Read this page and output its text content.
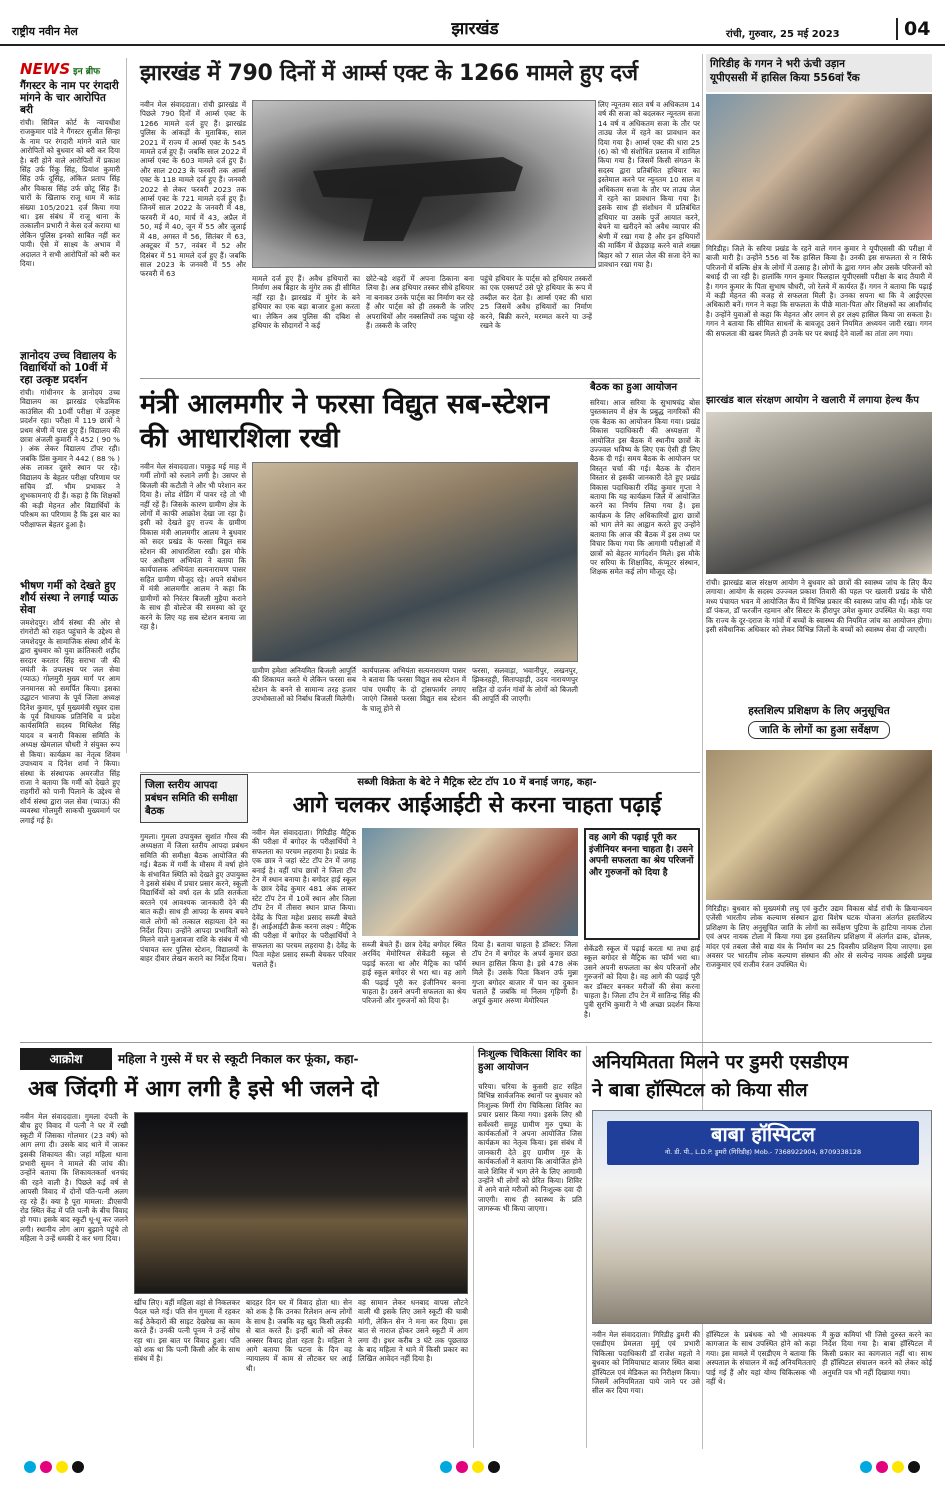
राष्ट्रीय नवीन मेल	झारखंड	रांची, गुरुवार, 25 मई 2023	04
NEWS इन ब्रीफ
गैंगस्टर के नाम पर रंगदारी मांगने के चार आरोपित बरी
रांची। सिविल कोर्ट के न्यायधीश राजकुमार पांडे ने गैंगस्टर सुजीत सिन्हा के नाम पर रंगदारी मांगने वाले चार आरोपितों को बुधवार को बरी कर दिया है। बरी होने वाले आरोपितों में प्रकाश सिंह उर्फ रिंकू सिंह, प्रियांश कुमारी सिंह उर्फ दूसिंह, अंकित प्रताप सिंह और विकास सिंह उर्फ छोटू सिंह हैं। चारों के खिलाफ राजू धाम में कांड संख्या 105/2021 दर्ज किया गया था। इस संबंध में राजू थाना के तत्कालीन प्रभारी ने केस दर्ज कराया था लेकिन पुलिस इनको साबित नहीं कर पायी। ऐसे में साक्ष्य के अभाव में अदालत ने सभी आरोपितों को बरी कर दिया।
ज्ञानोदय उच्च विद्यालय के विद्यार्थियों को 10वीं में रहा उत्कृष्ट प्रदर्शन
रांची। गांधीनगर के ज्ञानोदय उच्च विद्यालय का झारखंड एकेडमिक काउंसिल की 10वीं परीक्षा में उत्कृष्ट प्रदर्शन रहा। परीक्षा में 119 छात्रों ने प्रथम श्रेणी में पास हुए हैं। विद्यालय की छात्रा अंजली कुमारी ने 452 ( 90 % ) अंक लेकर विद्यालय टॉपर रही। जबकि प्रिंस कुमार ने 442 ( 88 % ) अंक लाकर दूसरे स्थान पर रहे। विद्यालय के बेहतर परीक्षा परिणाम पर सचिव डॉ. भीम प्रभाकर ने शुभकामनाएं दी हैं। कहा है कि शिक्षकों की कड़ी मेहनत और विद्यार्थियों के परिश्रम का परिणाम है कि इस बार का परीक्षाफल बेहतर हुआ है।
भीषण गर्मी को देखते हुए शौर्य संस्था ने लगाई प्याऊ सेवा
जमशेदपुर। शौर्य संस्था की ओर से रांगरोटी को राहत पहुंचाने के उद्देश्य से जमशेदपुर के सामाजिक संस्था शौर्य के द्वारा बुधवार को युवा क्रांतिकारी शहीद सरदार करतार सिंह सराभा जी की जयंती के उपलक्ष्य पर जल सेवा (प्याऊ) गोलमुरी मुख्य मार्ग पर आम जनमानस को समर्पित किया। इसका उद्घाटन भाजपा के पूर्व जिला अध्यक्ष दिनेश कुमार, पूर्व मुख्यमंत्री रघुवर दास के पूर्व विधायक प्रतिनिधि व प्रदेश कार्यसमिति सदस्य मिथिलेश सिंह यादव व बनारी विकास समिति के अध्यक्ष खेमलाल चौधरी ने संयुक्त रूप से किया। कार्यक्रम का नेतृत्व शिवम उपाध्याय व दिनेश शर्मा ने किया। संस्था के संस्थापक अमरजीत सिंह राजा ने बताया कि गर्मी को देखते हुए राहगीरों को पानी पिलाने के उद्देश्य से शौर्य संस्था द्वारा जल सेवा (प्याऊ) की व्यवस्था गोलमुरी साकची मुख्यमार्ग पर लगाई गई है।
झारखंड में 790 दिनों में आर्म्स एक्ट के 1266 मामले हुए दर्ज
नवीन मेल संवाददाता। रांची झारखंड में पिछले 790 दिनों में आर्म्स एक्ट के 1266 मामले दर्ज हुए हैं। झारखंड पुलिस के आंकड़ों के मुताबिक, साल 2021 में राज्य में आर्म्स एक्ट के 545 मामले दर्ज हुए हैं। जबकि साल 2022 में आर्म्स एक्ट के 603 मामले दर्ज हुए हैं। और साल 2023 के फरवरी तक आर्म्स एक्ट के 118 मामले दर्ज हुए हैं। जनवरी 2022 से लेकर फरवरी 2023 तक आर्म्स एक्ट के 721 मामले दर्ज हुए हैं। जिनमें साल 2022 के जनवरी में 48, फरवरी में 40, मार्च में 43, अप्रैल में 50, मई में 40, जून में 55 और जुलाई में 48, अगस्त में 56, सितंबर में 63, अक्टूबर में 57, नवंबर में 52 और दिसंबर में 51 मामले दर्ज हुए हैं। जबकि साल 2023 के जनवरी में 55 और फरवरी में 63
मामले दर्ज हुए हैं। अवैध हथियारों का निर्माण अब बिहार के मुंगेर तक ही सीमित नहीं रहा है। झारखंड में मुंगेर के बने हथियार का एक बड़ा बाजार हुआ करता था। लेकिन अब पुलिस की दबिश से हथियार के सौदागरों ने कई
छोटे-बड़े शहरों में अपना ठिकाना बना लिया है। अब हथियार तस्कर सीधे हथियार ना बनाकर उनके पार्ट्स का निर्माण कर रहे हैं और पार्ट्स को ही तस्करी के जरिए अपराधियों और नक्सलियों तक पहुंचा रहे हैं। तस्करी के जरिए
पहुंचे हथियार के पार्ट्स को हथियार तस्करों का एक एक्सपर्ट उसे पूरे हथियार के रूप में तब्दील कर देता है। आर्म्स एक्ट की धारा 25 जिसमें अवैध हथियारों का निर्माण करने, बिक्री करने, मरम्मत करने या उन्हें रखने के
लिए न्यूनतम सात वर्ष व अधिकतम 14 वर्ष की सजा को बदलकर न्यूनतम सजा 14 वर्ष व अधिकतम सजा के तौर पर ताउम्र जेल में रहने का प्रावधान कर दिया गया है। आर्म्स एक्ट की धारा 25 (6) को भी संशोधित प्रस्ताव में शामिल किया गया है। जिसमें किसी संगठन के सदस्य द्वारा प्रतिबंधित हथियार का इस्तेमाल करने पर न्यूनतम 10 साल व अधिकतम सजा के तौर पर ताउम्र जेल में रहने का प्रावधान किया गया है। इसके साथ ही संशोधन में प्रतिबंधित हथियार या उसके पुर्जे आयात करने, बेचने या खरीदने को अवैध व्यापार की श्रेणी में रखा गया है और इन हथियारों की मार्किंग में छेड़छाड़ करने वाले शख्स बिहार को 7 साल जेल की सजा देने का प्रावधान रखा गया है।
गिरिडीह के गगन ने भरी ऊंची उड़ान
यूपीएससी में हासिल किया 556वां रैंक
गिरिडीह। जिले के सरिया प्रखंड के रहने वाले गगन कुमार ने यूपीएससी की परीक्षा में बाजी मारी है। उन्होंने 556 वां रैंक हासिल किया है। उनकी इस सफलता से न सिर्फ परिजनों में बल्कि क्षेत्र के लोगों में उत्साह है। लोगों के द्वारा गगन और उसके परिजनों को बधाई दी जा रही है। हालांकि गगन कुमार फिलहाल यूपीएससी परीक्षा के बाद तैयारी में है। गगन कुमार के पिता सुभाष चौधरी, जो रेलवे में कार्यरत हैं। गगन ने बताया कि पढ़ाई में कड़ी मेहनत की वजह से सफलता मिली है। उनका सपना था कि वे आईएएस अधिकारी बनें। गगन ने कहा कि सफलता के पीछे माता-पिता और शिक्षकों का आशीर्वाद है। उन्होंने युवाओं से कहा कि मेहनत और लगन से हर लक्ष्य हासिल किया जा सकता है। गगन ने बताया कि सीमित साधनों के बावजूद उसने नियमित अध्ययन जारी रखा। गगन की सफलता की खबर मिलते ही उनके घर पर बधाई देने वालों का तांता लग गया।
मंत्री आलमगीर ने फरसा विद्युत सब-स्टेशन की आधारशिला रखी
नवीन मेल संवाददाता। पाकुड़ मई माह में गर्मी लोगों को रुलाने लगी है। उसपर से बिजली की कटौती ने और भी परेशान कर दिया है। लोड शेडिंग में पावर रहे तो भी नहीं रहें हैं। जिसके कारण ग्रामीण क्षेत्र के लोगों में काफी आक्रोश देखा जा रहा है। इसी को देखते हुए राज्य के ग्रामीण विकास मंत्री आलमगीर आलम ने बुधवार को सदर प्रखंड के फरसा विद्युत सब स्टेशन की आधारशिला रखी। इस मौके पर अधीक्षण अभियंता ने बताया कि कार्यपालक अभियंता सत्यनारायण पासर सहित ग्रामीण मौजूद रहे। अपने संबोधन में मंत्री आलमगीर आलम ने कहा कि ग्रामीणों को निरंतर बिजली मुहैया कराने के साथ ही वोल्टेज की समस्या को दूर करने के लिए यह सब स्टेशन बनाया जा रहा है।
ग्रामीण हमेशा अनियमित बिजली आपूर्ति की शिकायत करते थे लेकिन फरसा सब स्टेशन के बनने से सामान्य तरह हजार उपभोक्ताओं को निर्बाध बिजली मिलेगी।
कार्यपालक अभियंता सत्यनारायण पासर ने बताया कि फरसा विद्युत सब स्टेशन में पांच एमवीए के दो ट्रांसफार्मर लगाए जाएंगे जिससे फरसा विद्युत सब स्टेशन के चालू होने से
फरसा, सलवाड़ा, भवानीपुर, लखनपुर, झिकरहट्टी, सितापहाड़ी, उदय नारायणपुर सहित दो दर्जन गांवों के लोगों को बिजली की आपूर्ति की जाएगी।
बैठक का हुआ आयोजन
सरिया। आज सरिया के सुभाषचंद्र बोस पुस्तकालय में क्षेत्र के प्रबुद्ध नागरिकों की एक बैठक का आयोजन किया गया। प्रखंड विकास पदाधिकारी की अध्यक्षता में आयोजित इस बैठक में स्थानीय छात्रों के उज्ज्वल भविष्य के लिए एक ऐसी ही लिए बैठक दी गई। समय बैठक के आयोजन पर विस्तृत चर्चा की गई। बैठक के दौरान विस्तार से इसकी जानकारी देते हुए प्रखंड विकास पदाधिकारी रविंद्र कुमार गुप्ता ने बताया कि यह कार्यक्रम जिले में आयोजित करने का निर्णय लिया गया है। इस कार्यक्रम के लिए अधिकारियों द्वारा छात्रों को भाग लेने का आह्वान करते हुए उन्होंने बताया कि आज की बैठक में इस तथ्य पर विचार किया गया कि आगामी परीक्षाओं में छात्रों को बेहतर मार्गदर्शन मिले। इस मौके पर सरिया के शिक्षाविद, कंप्यूटर संस्थान, शिक्षक समेत कई लोग मौजूद रहे।
झारखंड बाल संरक्षण आयोग ने खलारी में लगाया हेल्थ कैंप
रांची। झारखंड बाल संरक्षण आयोग ने बुधवार को छात्रों की स्वास्थ्य जांच के लिए कैंप लगाया। आयोग के सदस्य उज्ज्वल प्रकाश तिवारी की पहल पर खलारी प्रखंड के चौरी मध्य पंचायत भवन में आयोजित कैंप में विभिन्न प्रकार की स्वास्थ्य जांच की गई। मौके पर डॉ पंकज, डॉ फरजीन रहमान और सिस्टर के हीरापुर उमेश कुमार उपस्थित थे। कहा गया कि राज्य के दूर-दराज के गांवों में बच्चों के स्वास्थ्य की नियमित जांच का आयोजन होगा। इसी संवैधानिक अधिकार को लेकर विभिन्न जिलों के बच्चों को स्वास्थ्य सेवा दी जाएगी।
हस्तशिल्प प्रशिक्षण के लिए अनुसूचित
जाति के लोगों का हुआ सर्वेक्षण
गिरिडीह। बुधवार को मुख्यमंत्री लघु एवं कुटीर उद्यम विकास बोर्ड रांची के क्रियान्वयन एजेंसी भारतीय लोक कल्याण संस्थान द्वारा विशेष घटक योजना अंतर्गत हस्तशिल्प प्रशिक्षण के लिए अनुसूचित जाति के लोगों का सर्वेक्षण पुटिया के हाटिया नायक टोला एवं अपर नायक टोला में किया गया इस हस्तशिल्प प्रशिक्षण में अंतर्गत ढाक, ढोलक, मांदर एवं तबला जैसे वाद्य यंत्र के निर्माण का 25 दिवसीय प्रशिक्षण दिया जाएगा। इस अवसर पर भारतीय लोक कल्याण संस्थान की ओर से सत्येन्द्र नायक आईसी प्रमुख राजकुमार एवं राजीव रंजन उपस्थित थे।
जिला स्तरीय आपदा प्रबंधन समिति की समीक्षा बैठक
गुमला। गुमला उपायुक्त सुशांत गौरव की अध्यक्षता में जिला स्तरीय आपदा प्रबंधन समिति की समीक्षा बैठक आयोजित की गई। बैठक में गर्मी के मौसम में वर्षा होने के संभावित स्थिति को देखते हुए उपायुक्त ने इससे संबंध में प्रचार प्रसार करने, स्कूली विद्यार्थियों को वर्षा दल के प्रति सतर्कता बरतने एवं आवश्यक जानकारी देने की बात कही। साथ ही आपदा के समय बचने वाले लोगों को तत्काल सहायता देने का निर्देश दिया। उन्होंने आपदा प्रभावितों को मिलने वाले मुआवजा राशि के संबंध में भी पंचायत स्तर पुलिस स्टेशन, विद्यालयों के बाहर दीवार लेखन कराने का निर्देश दिया।
सब्जी विक्रेता के बेटे ने मैट्रिक स्टेट टॉप 10 में बनाई जगह, कहा-
आगे चलकर आईआईटी से करना चाहता पढ़ाई
नवीन मेल संवाददाता। गिरिडीह मैट्रिक की परीक्षा में बगोदर के परीक्षार्थियों ने सफलता का परचम लहराया है। प्रखंड के एक छात्र ने जहां स्टेट टॉप टेन में जगह बनाई है। वहीं पांच छात्रों ने जिला टॉप टेन में स्थान बनाया है। बगोदर हाई स्कूल के छात्र देवेंद्र कुमार 481 अंक लाकर स्टेट टॉप टेन में 10वें स्थान और जिला टॉप टेन में तीसरा स्थान प्राप्त किया। देवेंद्र के पिता महेश प्रसाद सब्जी बेचते हैं। आईआईटी क्रैक करना लक्ष्य : मैट्रिक की परीक्षा में बगोदर के परीक्षार्थियों ने सफलता का परचम लहराया है। देवेंद्र के पिता महेश प्रसाद सब्जी बेचकर परिवार चलाते हैं।
वह आगे की पढ़ाई पूरी कर इंजीनियर बनना चाहता है। उसने अपनी सफलता का श्रेय परिजनों और गुरुजनों को दिया है
सब्जी बेचते हैं। छात्र देवेंद्र बगोदर स्थित अरविंद मेमोरियल सेकेंडरी स्कूल से पढ़ाई करता था और मैट्रिक का फॉर्म हाई स्कूल बगोदर से भरा था। वह आगे की पढ़ाई पूरी कर इंजीनियर बनना चाहता है। उसने अपनी सफलता का श्रेय परिजनों और गुरुजनों को दिया है।
दिया है। बताया चाहता है डॉक्टर: जिला टॉप टेन में बगोदर के अपर्व कुमार छठा स्थान हासिल किया है। इसे 478 अंक मिले हैं। उसके पिता किशन उर्फ मुन्ना गुप्ता बगोदर बाजार में पान का दुकान चलाते हैं जबकि मां निलम गृहिणी हैं। अपूर्व कुमार अरुणा मेमोरियल
सेकेंडरी स्कूल में पढ़ाई करता था तथा हाई स्कूल बगोदर से मैट्रिक का फॉर्म भरा था। उसने अपनी सफलता का श्रेय परिजनों और गुरुजनों को दिया है। वह आगे की पढ़ाई पूरी कर डॉक्टर बनकर मरीजों की सेवा करना चाहता है। जिला टॉप टेन में सातिन्द्र सिंह की पुत्री सुरभि कुमारी ने भी अच्छा प्रदर्शन किया है।
आक्रोश	महिला ने गुस्से में घर से स्कूटी निकाल कर फूंका, कहा-
अब जिंदगी में आग लगी है इसे भी जलने दो
नवीन मेल संवाददाता। गुमला दंपती के बीच हुए विवाद में पत्नी ने घर में रखी स्कूटी में जिसका गोलमार (23 वर्ष) को आग लगा दी। उसके बाद थाने में जाकर इसकी शिकायत की। जहां महिला थाना प्रभारी सुमन ने मामले की जांच की। उन्होंने बताया कि शिकायतकर्ता धनचंद की रहने वाली है। पिछले कई वर्ष से आपसी विवाद में दोनों पति-पत्नी अलग रह रहे हैं। क्या है पूरा मामला: डीएसपी रोड स्थित केंद्र में पति पत्नी के बीच विवाद हो गया। इसके बाद स्कूटी धू-धू कर जलने लगी। स्थानीय लोग आग बुझाने पहुंचे तो महिला ने उन्हें धमकी दे कर भगा दिया।
खींच लिए। वहीं महिला वहां से निकलकर पैदल चले गई। पति सेन गुमला में रहकर कई ठेकेदारों की साइट देखरेख का काम करते हैं। उनकी पत्नी पूनम ने उन्हें सोच रहा था। इस बात पर विवाद हुआ। पति को शक था कि पत्नी किसी और के साथ संबंध में है।
बादहर दिन घर में विवाद होता था। सेन को शक है कि उनका रिलेशन अन्य लोगों के साथ है। जबकि वह खुद किसी लड़की से बात करते हैं। इन्हीं बातों को लेकर अक्सर विवाद होता रहता है। महिला ने आगे बताया कि घटना के दिन वह न्यायालय में काम से लौटकर घर आई थी।
वह सामान लेकर धनबाद वापस लौटने वाली थी इसके लिए उसने स्कूटी की चाबी मांगी, लेकिन सेन ने मना कर दिया। इस बात से नाराज होकर उसने स्कूटी में आग लगा दी। इधर करीब 3 घंटे तक पूछताछ के बाद महिला ने थाने में किसी प्रकार का लिखित आवेदन नहीं दिया है।
निःशुल्क चिकित्सा शिविर का हुआ आयोजन
चरिया। चरिया के कुसरी हाट सहित विभिन्न सार्वजनिक स्थानों पर बुधवार को निःशुल्क मिर्गी रोग चिकित्सा शिविर का प्रचार प्रसार किया गया। इसके लिए श्री सर्वेश्वरी समूह ग्रामीण गुरु पुष्पा के कार्यकर्ताओं ने अपना आयोजित जिस कार्यक्रम का नेतृत्व किया। इस संबंध में जानकारी देते हुए ग्रामीण गुरु के कार्यकर्ताओं ने बताया कि आयोजित होने वाले शिविर में भाग लेने के लिए आगामी उन्होंने भी लोगों को प्रेरित किया। शिविर में आने वाले मरीजों को निःशुल्क दवा दी जाएगी। साथ ही स्वास्थ्य के प्रति जागरूक भी किया जाएगा।
अनियमितता मिलने पर डुमरी एसडीएम
ने बाबा हॉस्पिटल को किया सील
बाबा हॉस्पिटल
नो. डी. पी., L.D.P. डुमरी (गिरिडीह) Mob.- 7368922904, 8709338128
नवीन मेल संवाददाता। गिरिडीह डुमरी की एसडीएम प्रेमलता मुर्मू एवं प्रभारी चिकित्सा पदाधिकारी डॉ राजेश महतो ने बुधवार को निमियाघाट बाजार स्थित बाबा हॉस्पिटल एवं मेडिकल का निरीक्षण किया। जिसमें अनियमितता पाये जाने पर उसे सील कर दिया गया।
हॉस्पिटल के प्रबंधक को भी आवश्यक कागजात के साथ उपस्थित होने को कहा गया। इस मामले में एसडीएम ने बताया कि अस्पताल के संचालन में कई अनियमितताएं पाई गई हैं और यहां योग्य चिकित्सक भी नहीं थे।
मैं कुछ कमियां भी जिसे दुरुस्त करने का निर्देश दिया गया है। बाबा हॉस्पिटल में किसी प्रकार का कागजात नहीं था। साथ ही हॉस्पिटल संचालन करने को लेकर कोई अनुमति पत्र भी नहीं दिखाया गया।
